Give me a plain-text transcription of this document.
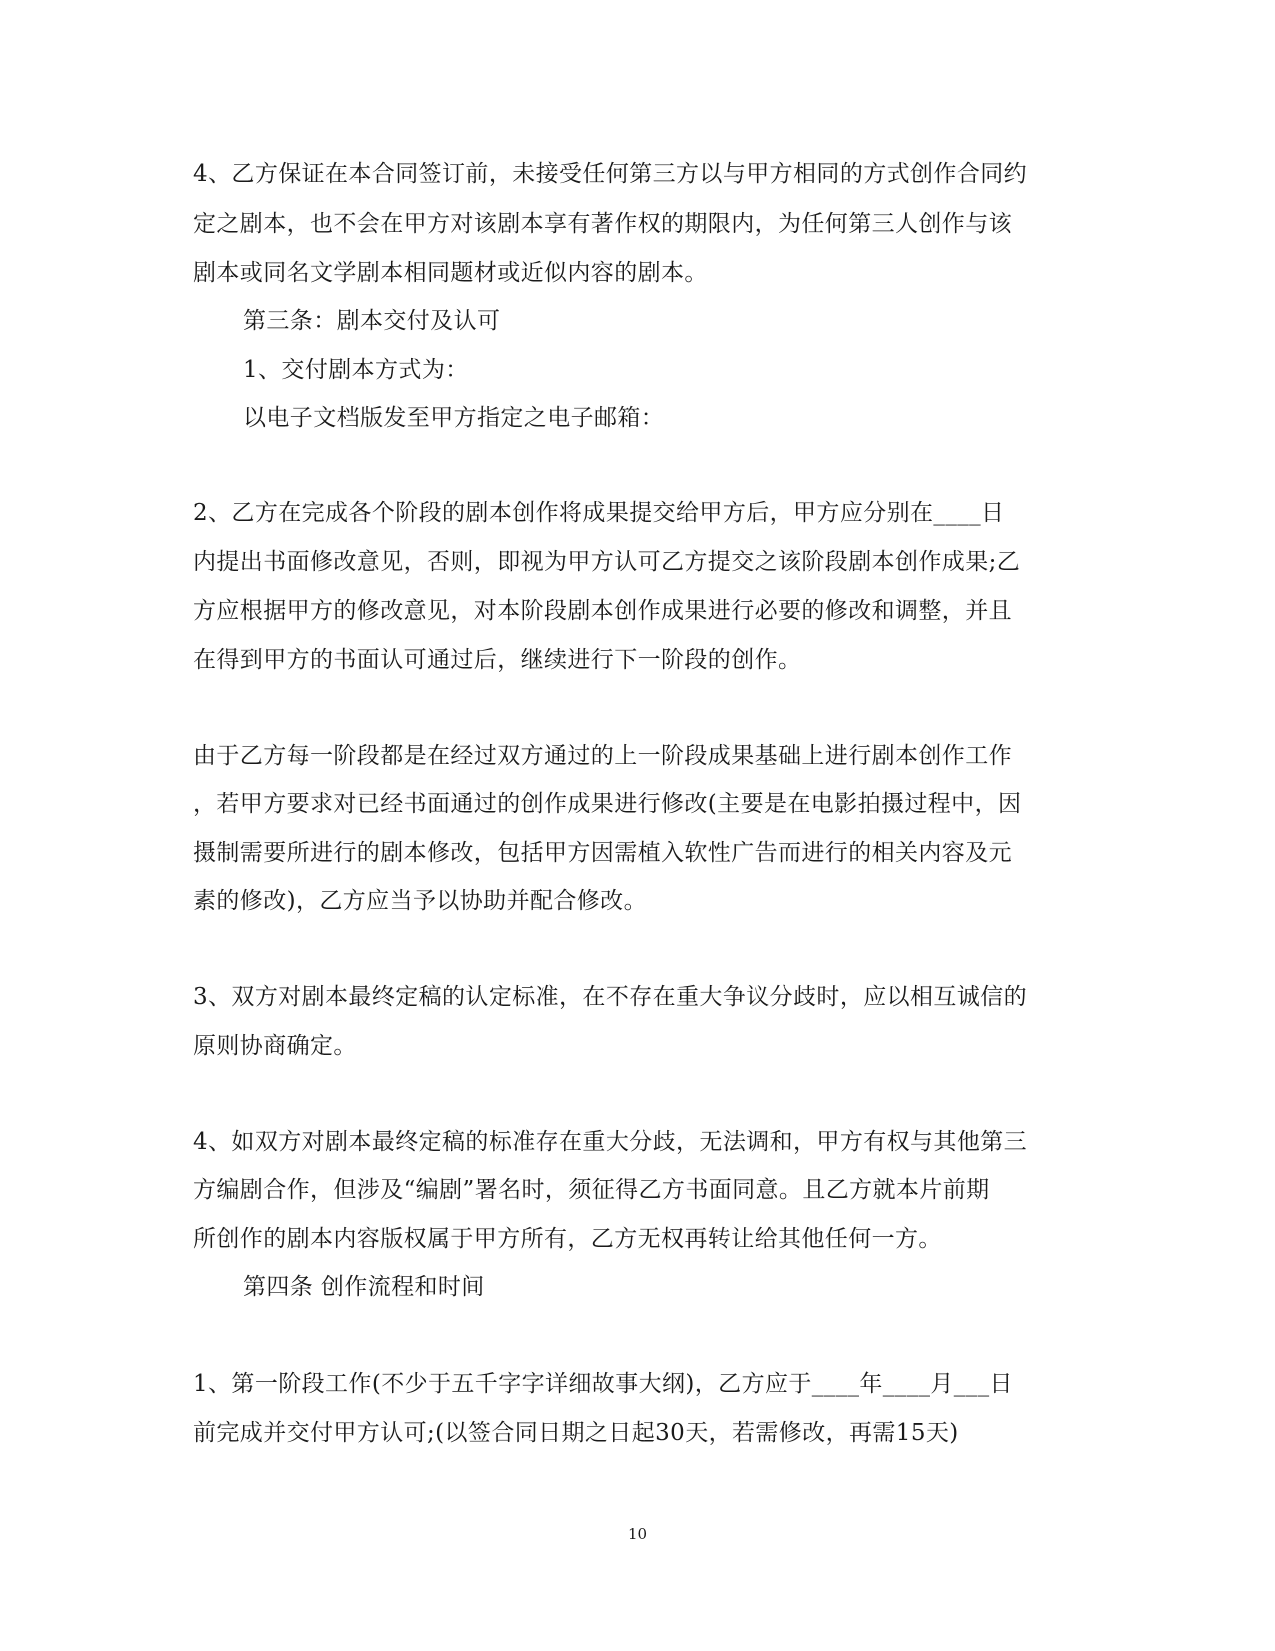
4、乙方保证在本合同签订前，未接受任何第三方以与甲方相同的方式创作合同约
定之剧本，也不会在甲方对该剧本享有著作权的期限内，为任何第三人创作与该
剧本或同名文学剧本相同题材或近似内容的剧本。
第三条：剧本交付及认可
1、交付剧本方式为：
以电子文档版发至甲方指定之电子邮箱：
2、乙方在完成各个阶段的剧本创作将成果提交给甲方后，甲方应分别在____日
内提出书面修改意见，否则，即视为甲方认可乙方提交之该阶段剧本创作成果;乙
方应根据甲方的修改意见，对本阶段剧本创作成果进行必要的修改和调整，并且
在得到甲方的书面认可通过后，继续进行下一阶段的创作。
由于乙方每一阶段都是在经过双方通过的上一阶段成果基础上进行剧本创作工作
，若甲方要求对已经书面通过的创作成果进行修改(主要是在电影拍摄过程中，因
摄制需要所进行的剧本修改，包括甲方因需植入软性广告而进行的相关内容及元
素的修改)，乙方应当予以协助并配合修改。
3、双方对剧本最终定稿的认定标准，在不存在重大争议分歧时，应以相互诚信的
原则协商确定。
4、如双方对剧本最终定稿的标准存在重大分歧，无法调和，甲方有权与其他第三
方编剧合作，但涉及“编剧”署名时，须征得乙方书面同意。且乙方就本片前期
所创作的剧本内容版权属于甲方所有，乙方无权再转让给其他任何一方。
第四条 创作流程和时间
1、第一阶段工作(不少于五千字字详细故事大纲)，乙方应于____年____月___日
前完成并交付甲方认可;(以签合同日期之日起30天，若需修改，再需15天)
10
